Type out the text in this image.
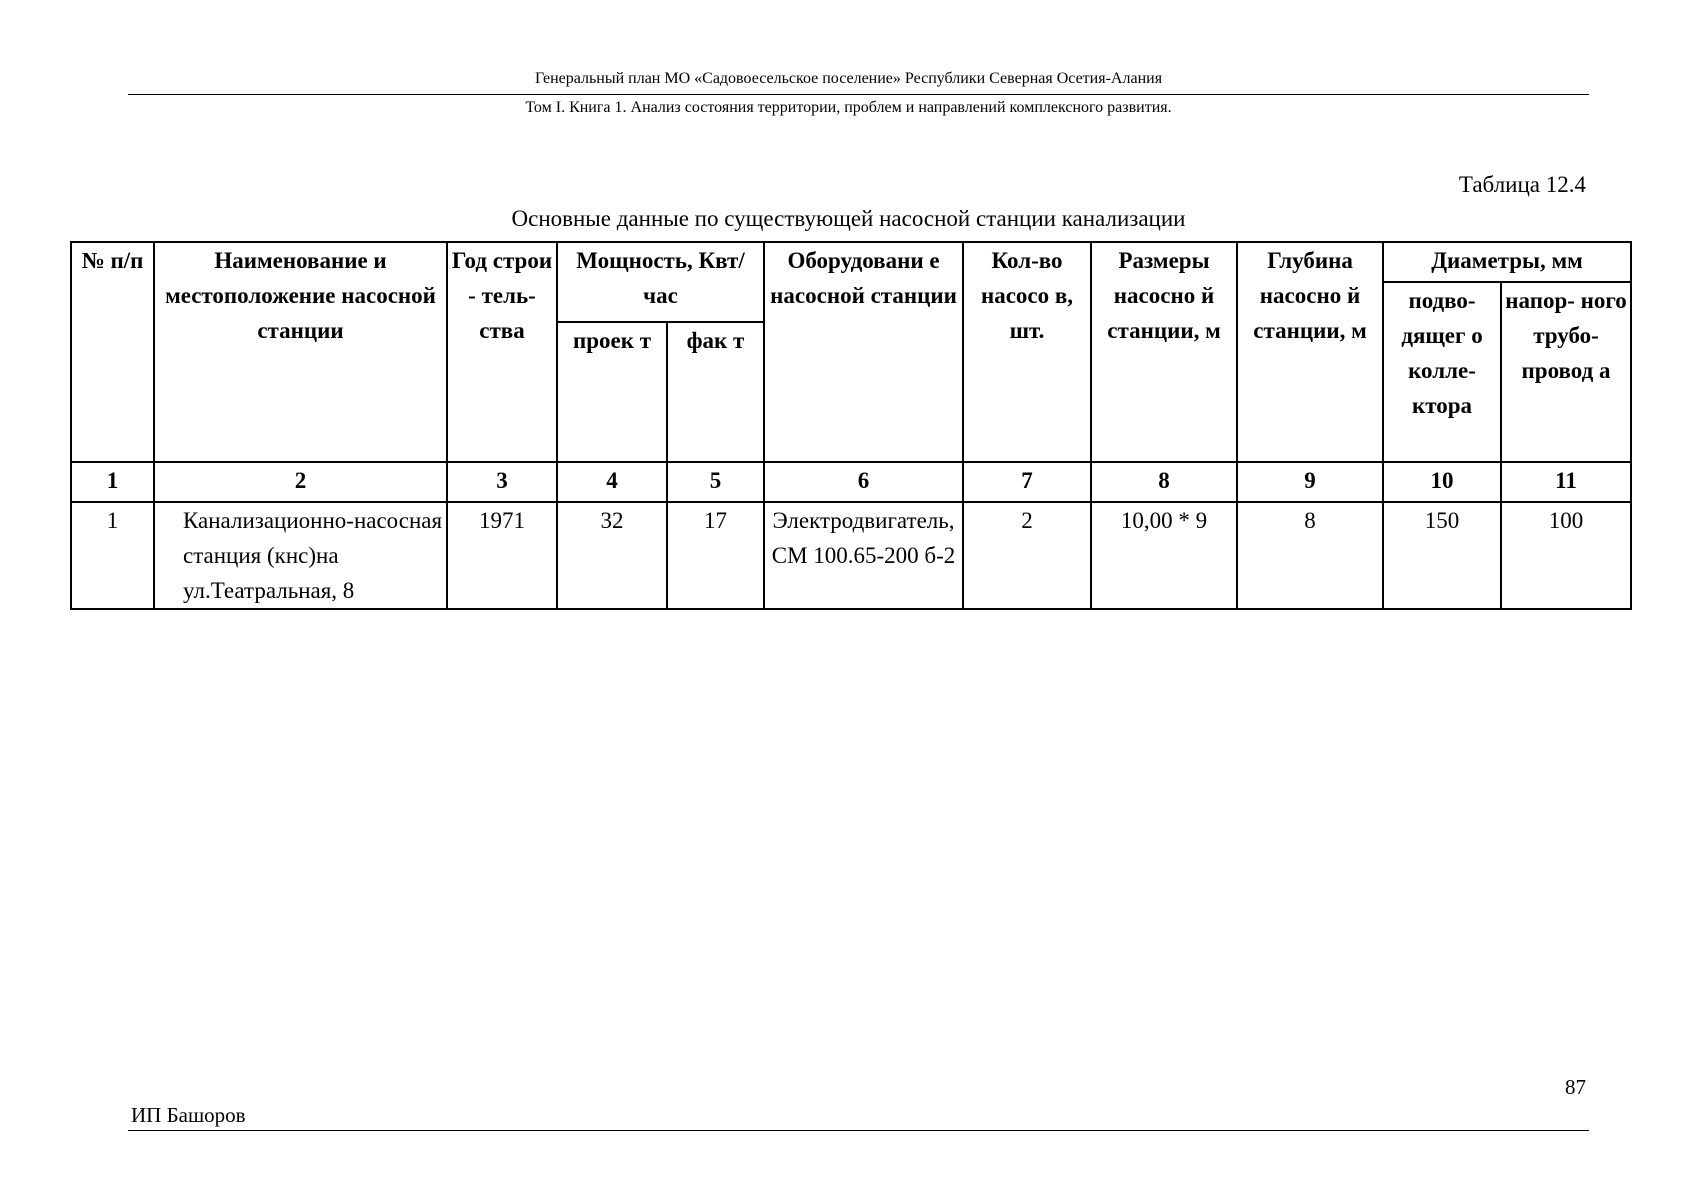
Генеральный план МО «Садовоесельское поселение» Республики Северная Осетия-Алания
Том I. Книга 1. Анализ состояния территории, проблем и направлений комплексного развития.
Таблица 12.4
Основные данные по существующей насосной станции канализации
№ п/п	Наименование и местоположение насосной станции	Год строи - тель- ства	Мощность, Квт/час		Оборудовани е насосной станции	Кол-во насосо в, шт.	Размеры насосно й станции, м	Глубина насосно й станции, м	Диаметры, мм	
									подво- дящег о колле- ктора	напор- ного трубо- провод а
			проек т	фак т						
1	2	3	4	5	6	7	8	9	10	11
1	Канализационно-насосная станция (кнс)на ул.Театральная, 8	1971	32	17	Электродвигатель,СМ 100.65-200 б-2	2	10,00 * 9	8	150	100
87
ИП Башоров
